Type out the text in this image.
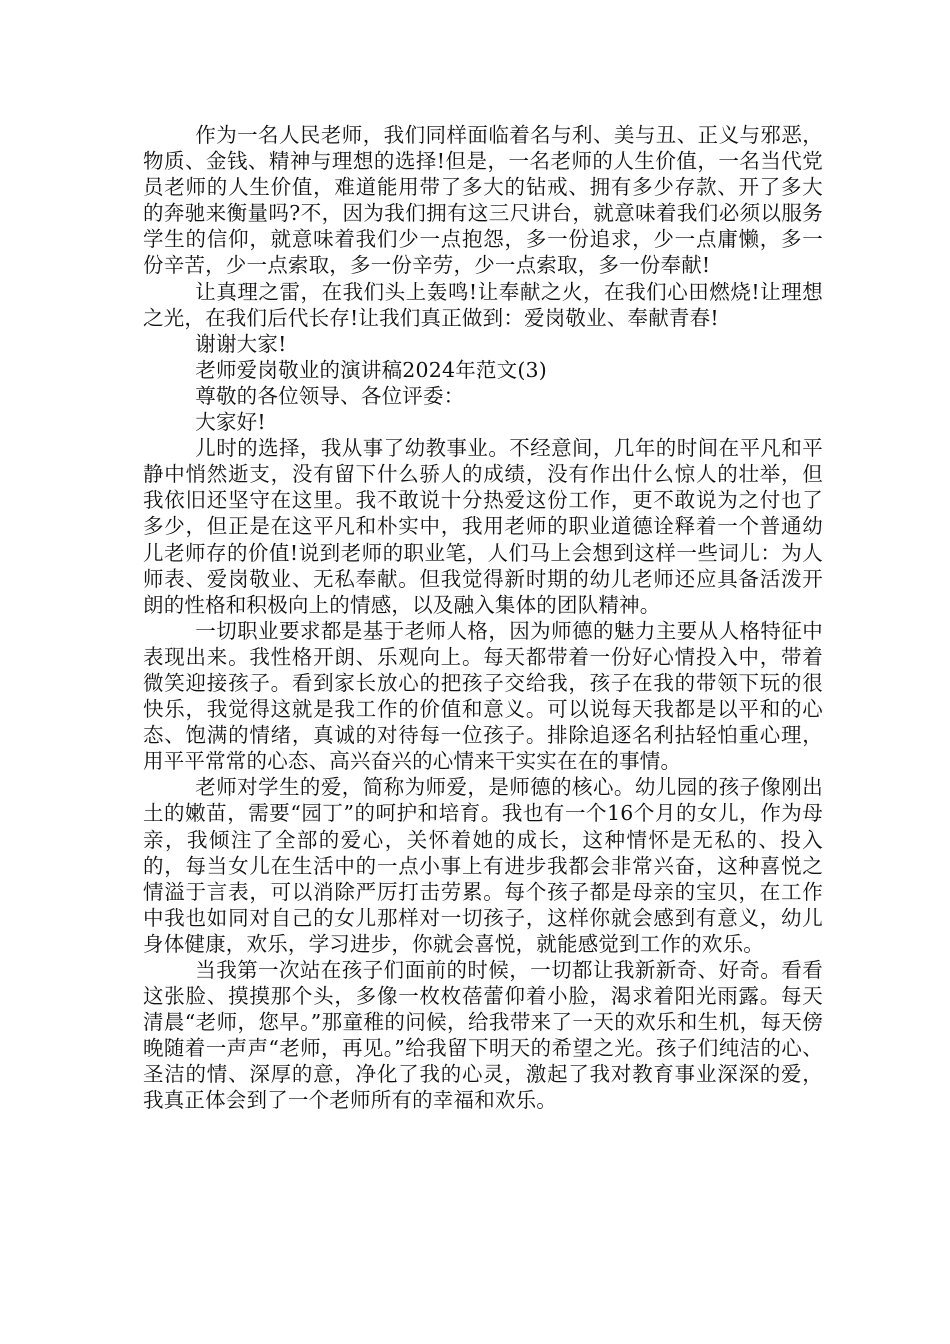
作为一名人民老师，我们同样面临着名与利、美与丑、正义与邪恶，物质、金钱、精神与理想的选择!但是，一名老师的人生价值，一名当代党员老师的人生价值，难道能用带了多大的钻戒、拥有多少存款、开了多大的奔驰来衡量吗?不，因为我们拥有这三尺讲台，就意味着我们必须以服务学生的信仰，就意味着我们少一点抱怨，多一份追求，少一点庸懒，多一份辛苦，少一点索取，多一份辛劳，少一点索取，多一份奉献!

让真理之雷，在我们头上轰鸣!让奉献之火，在我们心田燃烧!让理想之光，在我们后代长存!让我们真正做到：爱岗敬业、奉献青春!

谢谢大家!

老师爱岗敬业的演讲稿2024年范文(3)

尊敬的各位领导、各位评委：

大家好!

儿时的选择，我从事了幼教事业。不经意间，几年的时间在平凡和平静中悄然逝支，没有留下什么骄人的成绩，没有作出什么惊人的壮举，但我依旧还坚守在这里。我不敢说十分热爱这份工作，更不敢说为之付也了多少，但正是在这平凡和朴实中，我用老师的职业道德诠释着一个普通幼儿老师存的价值!说到老师的职业笔，人们马上会想到这样一些词儿：为人师表、爱岗敬业、无私奉献。但我觉得新时期的幼儿老师还应具备活泼开朗的性格和积极向上的情感，以及融入集体的团队精神。

一切职业要求都是基于老师人格，因为师德的魅力主要从人格特征中表现出来。我性格开朗、乐观向上。每天都带着一份好心情投入中，带着微笑迎接孩子。看到家长放心的把孩子交给我，孩子在我的带领下玩的很快乐，我觉得这就是我工作的价值和意义。可以说每天我都是以平和的心态、饱满的情绪，真诚的对待每一位孩子。排除追逐名利拈轻怕重心理，用平平常常的心态、高兴奋兴的心情来干实实在在的事情。

老师对学生的爱，简称为师爱，是师德的核心。幼儿园的孩子像刚出土的嫩苗，需要“园丁”的呵护和培育。我也有一个16个月的女儿，作为母亲，我倾注了全部的爱心，关怀着她的成长，这种情怀是无私的、投入的，每当女儿在生活中的一点小事上有进步我都会非常兴奋，这种喜悦之情溢于言表，可以消除严厉打击劳累。每个孩子都是母亲的宝贝，在工作中我也如同对自己的女儿那样对一切孩子，这样你就会感到有意义，幼儿身体健康，欢乐，学习进步，你就会喜悦，就能感觉到工作的欢乐。

当我第一次站在孩子们面前的时候，一切都让我新新奇、好奇。看看这张脸、摸摸那个头，多像一枚枚蓓蕾仰着小脸，渴求着阳光雨露。每天清晨“老师，您早。”那童稚的问候，给我带来了一天的欢乐和生机，每天傍晚随着一声声“老师，再见。”给我留下明天的希望之光。孩子们纯洁的心、圣洁的情、深厚的意，净化了我的心灵，激起了我对教育事业深深的爱，我真正体会到了一个老师所有的幸福和欢乐。
